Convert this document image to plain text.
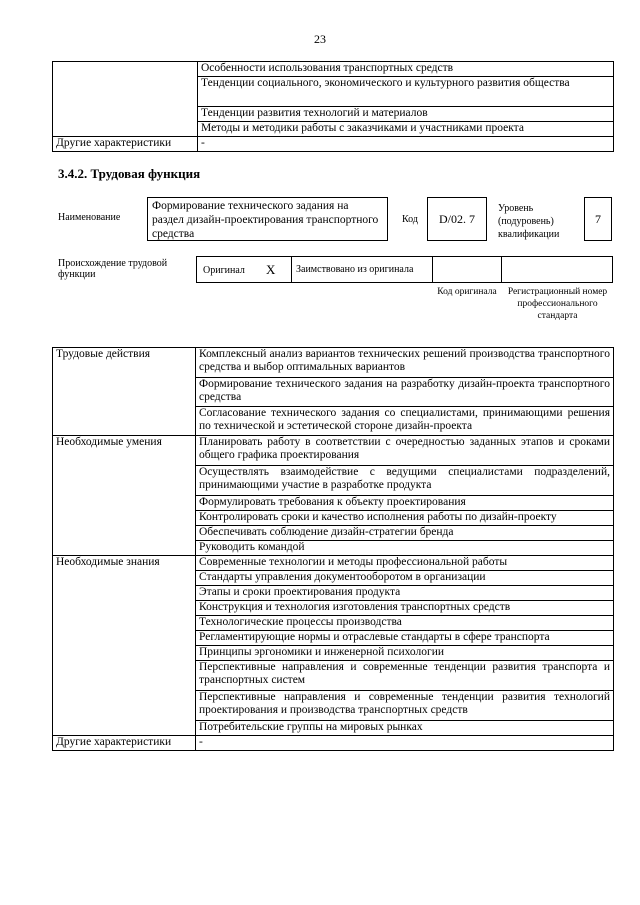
23
	Особенности использования транспортных средств
	Тенденции социального, экономического и культурного развития общества
	Тенденции развития технологий и материалов
	Методы и методики работы с заказчиками и участниками проекта
Другие характеристики	-
3.4.2. Трудовая функция
Наименование
Формирование технического задания на раздел дизайн-проектирования транспортного средства
Код	D/02. 7
Уровень (подуровень) квалификации
7
Происхождение трудовой функции	Оригинал X	Заимствовано из оригинала
Код оригинала	Регистрационный номер профессионального стандарта
Трудовые действия	Комплексный анализ вариантов технических решений производства транспортного средства и выбор оптимальных вариантов
	Формирование технического задания на разработку дизайн-проекта транспортного средства
	Согласование технического задания со специалистами, принимающими решения по технической и эстетической стороне дизайн-проекта
Необходимые умения	Планировать работу в соответствии с очередностью заданных этапов и сроками общего графика проектирования
	Осуществлять взаимодействие с ведущими специалистами подразделений, принимающими участие в разработке продукта
	Формулировать требования к объекту проектирования
	Контролировать сроки и качество исполнения работы по дизайн-проекту
	Обеспечивать соблюдение дизайн-стратегии бренда
	Руководить командой
Необходимые знания	Современные технологии и методы профессиональной работы
	Стандарты управления документооборотом в организации
	Этапы и сроки проектирования продукта
	Конструкция и технология изготовления транспортных средств
	Технологические процессы производства
	Регламентирующие нормы и отраслевые стандарты в сфере транспорта
	Принципы эргономики и инженерной психологии
	Перспективные направления и современные тенденции развития транспорта и транспортных систем
	Перспективные направления и современные тенденции развития технологий проектирования и производства транспортных средств
	Потребительские группы на мировых рынках
Другие характеристики	-
